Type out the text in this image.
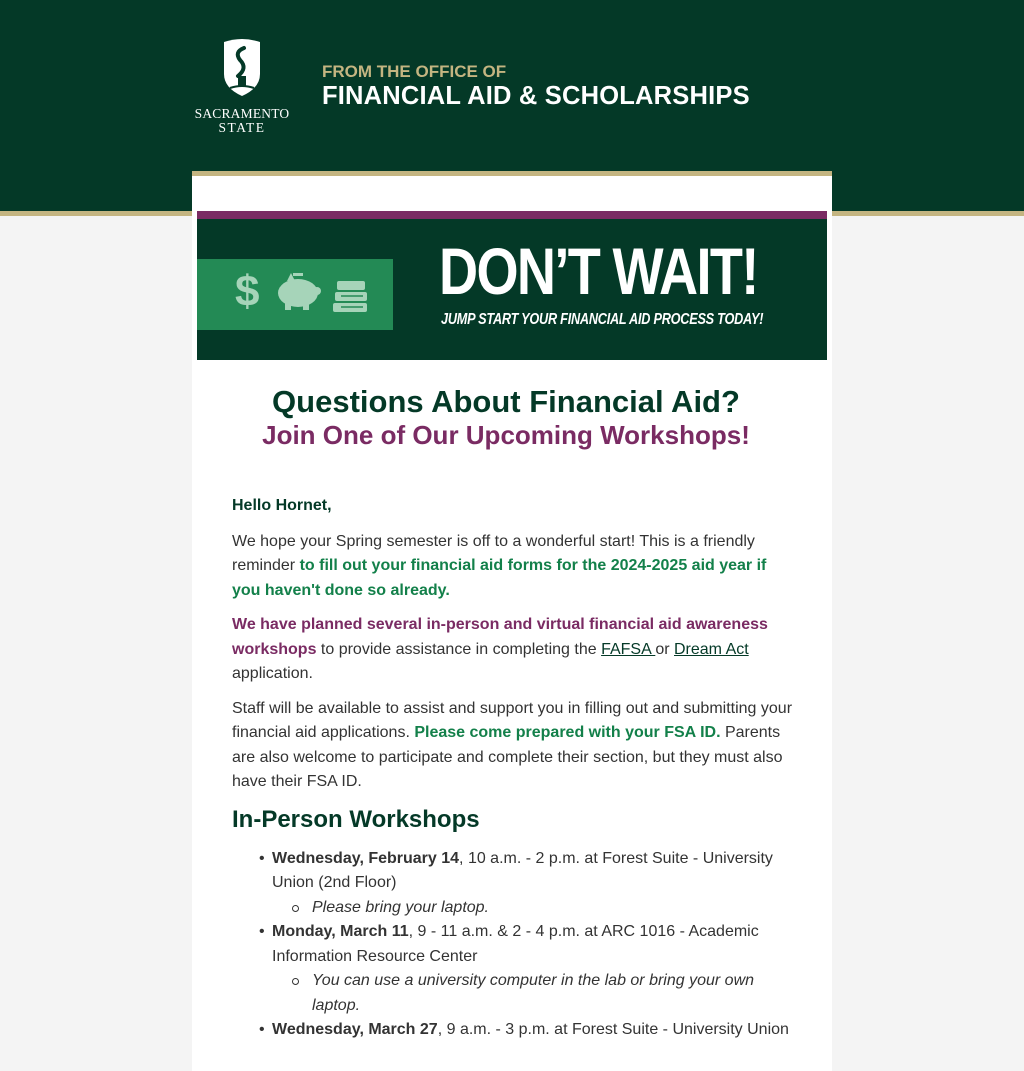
SACRAMENTO
STATE
FROM THE OFFICE OF
FINANCIAL AID & SCHOLARSHIPS
$	DON’T WAIT!
JUMP START YOUR FINANCIAL AID PROCESS TODAY!
Questions About Financial Aid?
Join One of Our Upcoming Workshops!

Hello Hornet,

We hope your Spring semester is off to a wonderful start! This is a friendly reminder to fill out your financial aid forms for the 2024-2025 aid year if you haven't done so already.

We have planned several in-person and virtual financial aid awareness workshops to provide assistance in completing the FAFSA or Dream Act application.

Staff will be available to assist and support you in filling out and submitting your financial aid applications. Please come prepared with your FSA ID. Parents are also welcome to participate and complete their section, but they must also have their FSA ID.

In-Person Workshops
• Wednesday, February 14, 10 a.m. - 2 p.m. at Forest Suite - University Union (2nd Floor)
Please bring your laptop.
• Monday, March 11, 9 - 11 a.m. & 2 - 4 p.m. at ARC 1016 - Academic Information Resource Center
You can use a university computer in the lab or bring your own laptop.
• Wednesday, March 27, 9 a.m. - 3 p.m. at Forest Suite - University Union
